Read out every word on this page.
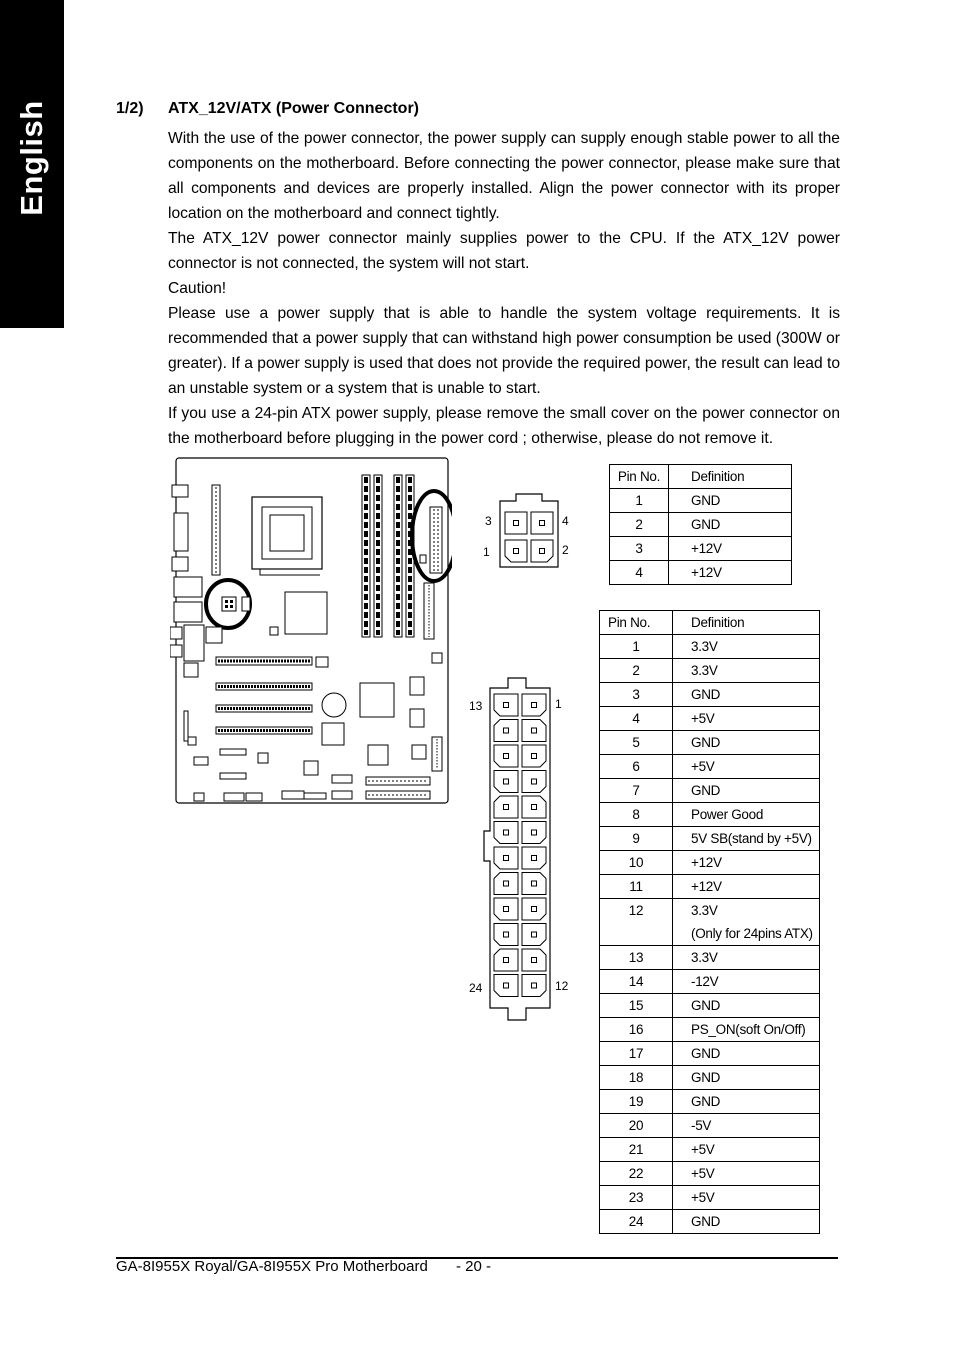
English	1/2) ATX_12V/ATX (Power Connector)

With the use of the power connector, the power supply can supply enough stable power to all the components on the motherboard. Before connecting the power connector, please make sure that all components and devices are properly installed. Align the power connector with its proper location on the motherboard and connect tightly.

The ATX_12V power connector mainly supplies power to the CPU. If the ATX_12V power connector is not connected, the system will not start.

Caution!

Please use a power supply that is able to handle the system voltage requirements. It is recommended that a power supply that can withstand high power consumption be used (300W or greater). If a power supply is used that does not provide the required power, the result can lead to an unstable system or a system that is unable to start.

If you use a 24-pin ATX power supply, please remove the small cover on the power connector on the motherboard before plugging in the power cord ; otherwise, please do not remove it.

3	4
1	2
13	1
24	12
Pin No.	Definition
1	GND
2	GND
3	+12V
4	+12V
Pin No.	Definition
1	3.3V
2	3.3V
3	GND
4	+5V
5	GND
6	+5V
7	GND
8	Power Good
9	5V SB(stand by +5V)
10	+12V
11	+12V
12	3.3V
	(Only for 24pins ATX)
13	3.3V
14	-12V
15	GND
16	PS_ON(soft On/Off)
17	GND
18	GND
19	GND
20	-5V
21	+5V
22	+5V
23	+5V
24	GND
GA-8I955X Royal/GA-8I955X Pro Motherboard - 20 -
